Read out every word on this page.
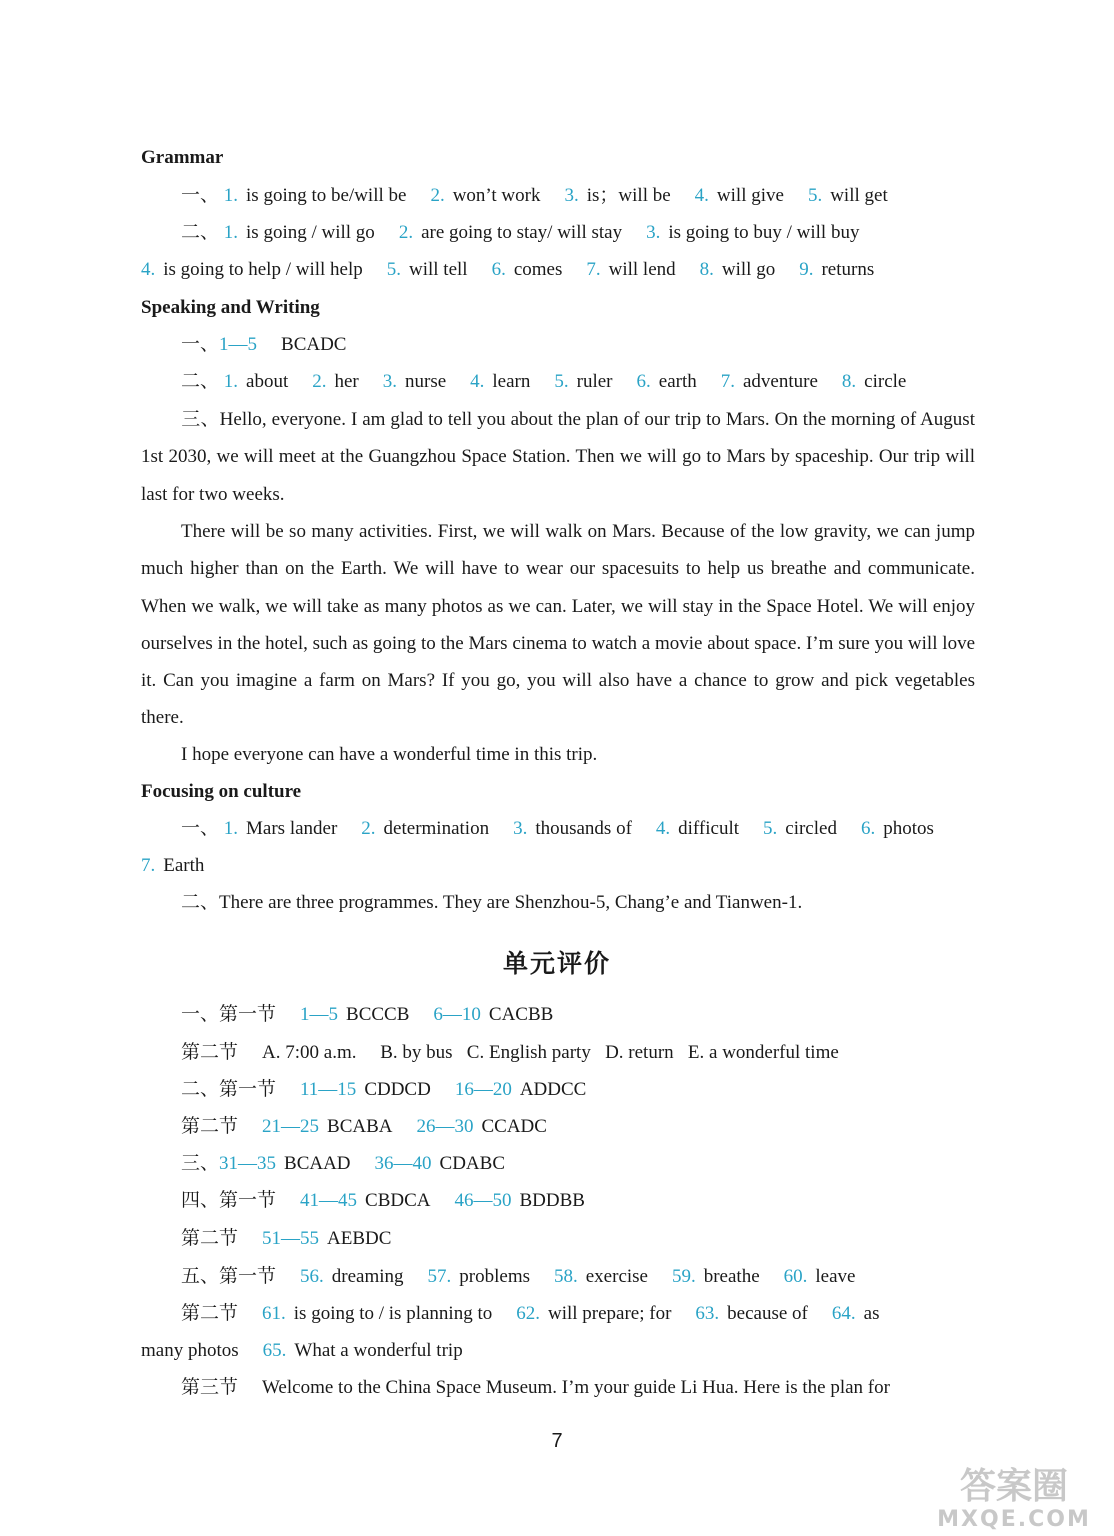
Grammar
一、 1. is going to be/will be 2. won’t work 3. is；will be 4. will give 5. will get
二、 1. is going / will go 2. are going to stay/ will stay 3. is going to buy / will buy
4. is going to help / will help 5. will tell 6. comes 7. will lend 8. will go 9. returns
Speaking and Writing
一、1—5 BCADC
二、 1. about 2. her 3. nurse 4. learn 5. ruler 6. earth 7. adventure 8. circle
三、Hello, everyone. I am glad to tell you about the plan of our trip to Mars. On the morning of August 1st 2030, we will meet at the Guangzhou Space Station. Then we will go to Mars by spaceship. Our trip will last for two weeks.
There will be so many activities. First, we will walk on Mars. Because of the low gravity, we can jump much higher than on the Earth. We will have to wear our spacesuits to help us breathe and communicate. When we walk, we will take as many photos as we can. Later, we will stay in the Space Hotel. We will enjoy ourselves in the hotel, such as going to the Mars cinema to watch a movie about space. I’m sure you will love it. Can you imagine a farm on Mars? If you go, you will also have a chance to grow and pick vegetables there.
I hope everyone can have a wonderful time in this trip.
Focusing on culture
一、 1. Mars lander 2. determination 3. thousands of 4. difficult 5. circled 6. photos
7. Earth
二、There are three programmes. They are Shenzhou-5, Chang’e and Tianwen-1.
单元评价
一、第一节 1—5 BCCCB 6—10 CACBB
第二节 A. 7:00 a.m.     B. by bus   C. English party   D. return   E. a wonderful time
二、第一节 11—15 CDDCD 16—20 ADDCC
第二节 21—25 BCABA 26—30 CCADC
三、31—35 BCAAD 36—40 CDABC
四、第一节 41—45 CBDCA 46—50 BDDBB
第二节 51—55 AEBDC
五、第一节 56. dreaming 57. problems 58. exercise 59. breathe 60. leave
第二节 61. is going to / is planning to 62. will prepare; for 63. because of 64. as
many photos 65. What a wonderful trip
第三节 Welcome to the China Space Museum. I’m your guide Li Hua. Here is the plan for
7
答案圈
MXQE.COM
